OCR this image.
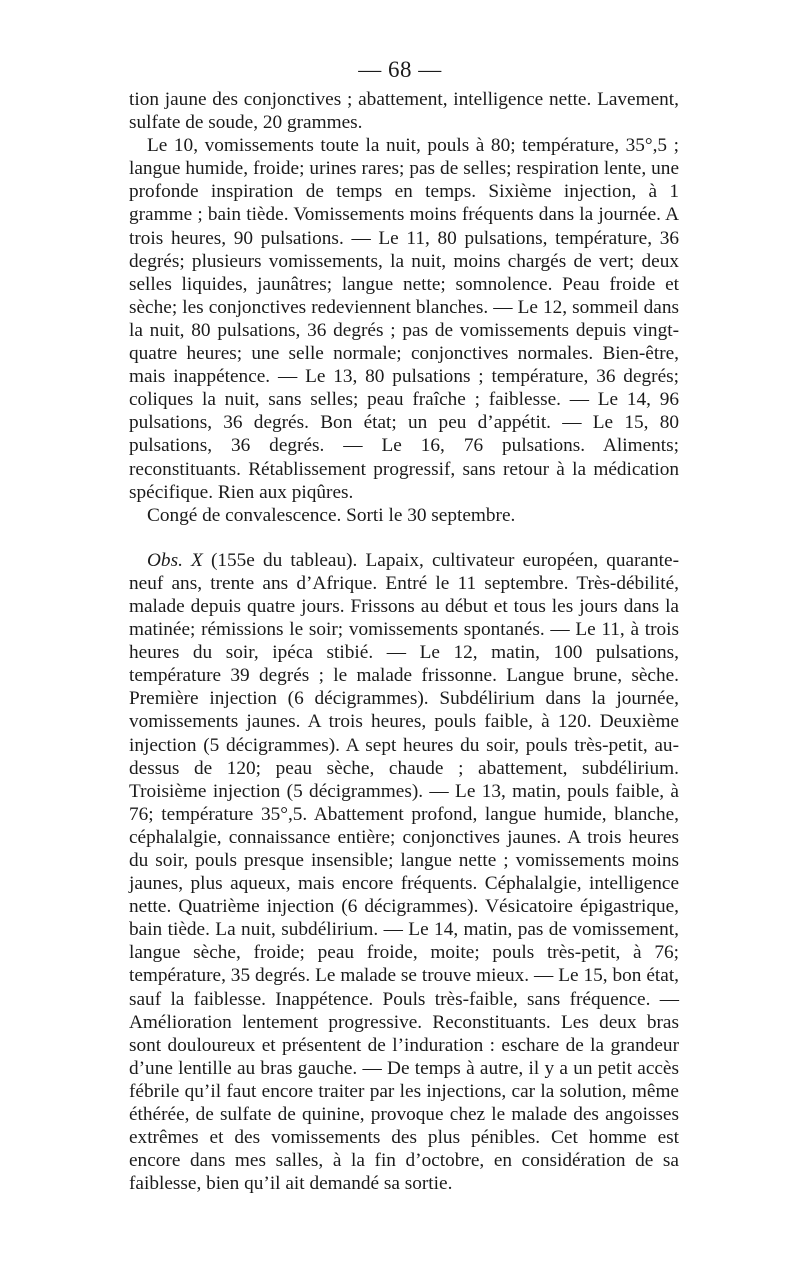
— 68 —

tion jaune des conjonctives ; abattement, intelligence nette. Lavement, sulfate de soude, 20 grammes.

Le 10, vomissements toute la nuit, pouls à 80; température, 35°,5 ; langue humide, froide; urines rares; pas de selles; respiration lente, une profonde inspiration de temps en temps. Sixième injection, à 1 gramme ; bain tiède. Vomissements moins fréquents dans la journée. A trois heures, 90 pulsations. — Le 11, 80 pulsations, température, 36 degrés; plusieurs vomissements, la nuit, moins chargés de vert; deux selles liquides, jaunâtres; langue nette; somnolence. Peau froide et sèche; les conjonctives redeviennent blanches. — Le 12, sommeil dans la nuit, 80 pulsations, 36 degrés ; pas de vomissements depuis vingt-quatre heures; une selle normale; conjonctives normales. Bien-être, mais inappétence. — Le 13, 80 pulsations ; température, 36 degrés; coliques la nuit, sans selles; peau fraîche ; faiblesse. — Le 14, 96 pulsations, 36 degrés. Bon état; un peu d’appétit. — Le 15, 80 pulsations, 36 degrés. — Le 16, 76 pulsations. Aliments; reconstituants. Rétablissement progressif, sans retour à la médication spécifique. Rien aux piqûres.

Congé de convalescence. Sorti le 30 septembre.

Obs. X (155e du tableau). Lapaix, cultivateur européen, quarante-neuf ans, trente ans d’Afrique. Entré le 11 septembre. Très-débilité, malade depuis quatre jours. Frissons au début et tous les jours dans la matinée; rémissions le soir; vomissements spontanés. — Le 11, à trois heures du soir, ipéca stibié. — Le 12, matin, 100 pulsations, température 39 degrés ; le malade frissonne. Langue brune, sèche. Première injection (6 décigrammes). Subdélirium dans la journée, vomissements jaunes. A trois heures, pouls faible, à 120. Deuxième injection (5 décigrammes). A sept heures du soir, pouls très-petit, au-dessus de 120; peau sèche, chaude ; abattement, subdélirium. Troisième injection (5 décigrammes). — Le 13, matin, pouls faible, à 76; température 35°,5. Abattement profond, langue humide, blanche, céphalalgie, connaissance entière; conjonctives jaunes. A trois heures du soir, pouls presque insensible; langue nette ; vomissements moins jaunes, plus aqueux, mais encore fréquents. Céphalalgie, intelligence nette. Quatrième injection (6 décigrammes). Vésicatoire épigastrique, bain tiède. La nuit, subdélirium. — Le 14, matin, pas de vomissement, langue sèche, froide; peau froide, moite; pouls très-petit, à 76; température, 35 degrés. Le malade se trouve mieux. — Le 15, bon état, sauf la faiblesse. Inappétence. Pouls très-faible, sans fréquence. — Amélioration lentement progressive. Reconstituants. Les deux bras sont douloureux et présentent de l’induration : eschare de la grandeur d’une lentille au bras gauche. — De temps à autre, il y a un petit accès fébrile qu’il faut encore traiter par les injections, car la solution, même éthérée, de sulfate de quinine, provoque chez le malade des angoisses extrêmes et des vomissements des plus pénibles. Cet homme est encore dans mes salles, à la fin d’octobre, en considération de sa faiblesse, bien qu’il ait demandé sa sortie.
